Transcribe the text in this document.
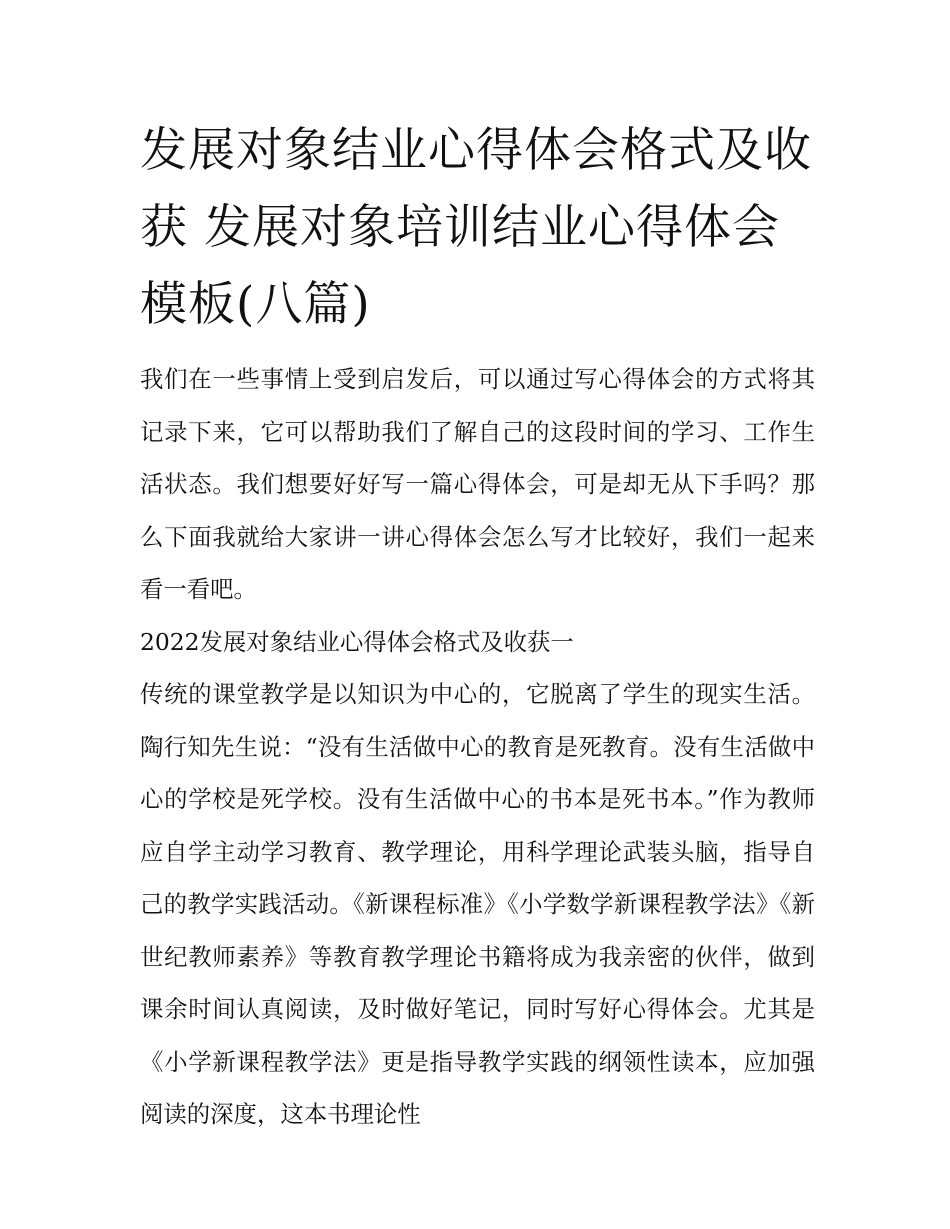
发展对象结业心得体会格式及收获 发展对象培训结业心得体会模板(八篇)

我们在一些事情上受到启发后，可以通过写心得体会的方式将其记录下来，它可以帮助我们了解自己的这段时间的学习、工作生活状态。我们想要好好写一篇心得体会，可是却无从下手吗？那么下面我就给大家讲一讲心得体会怎么写才比较好，我们一起来看一看吧。

2022发展对象结业心得体会格式及收获一

传统的课堂教学是以知识为中心的，它脱离了学生的现实生活。陶行知先生说：“没有生活做中心的教育是死教育。没有生活做中心的学校是死学校。没有生活做中心的书本是死书本。”作为教师应自学主动学习教育、教学理论，用科学理论武装头脑，指导自己的教学实践活动。《新课程标准》《小学数学新课程教学法》《新世纪教师素养》等教育教学理论书籍将成为我亲密的伙伴，做到课余时间认真阅读，及时做好笔记，同时写好心得体会。尤其是《小学新课程教学法》更是指导教学实践的纲领性读本，应加强阅读的深度，这本书理论性
